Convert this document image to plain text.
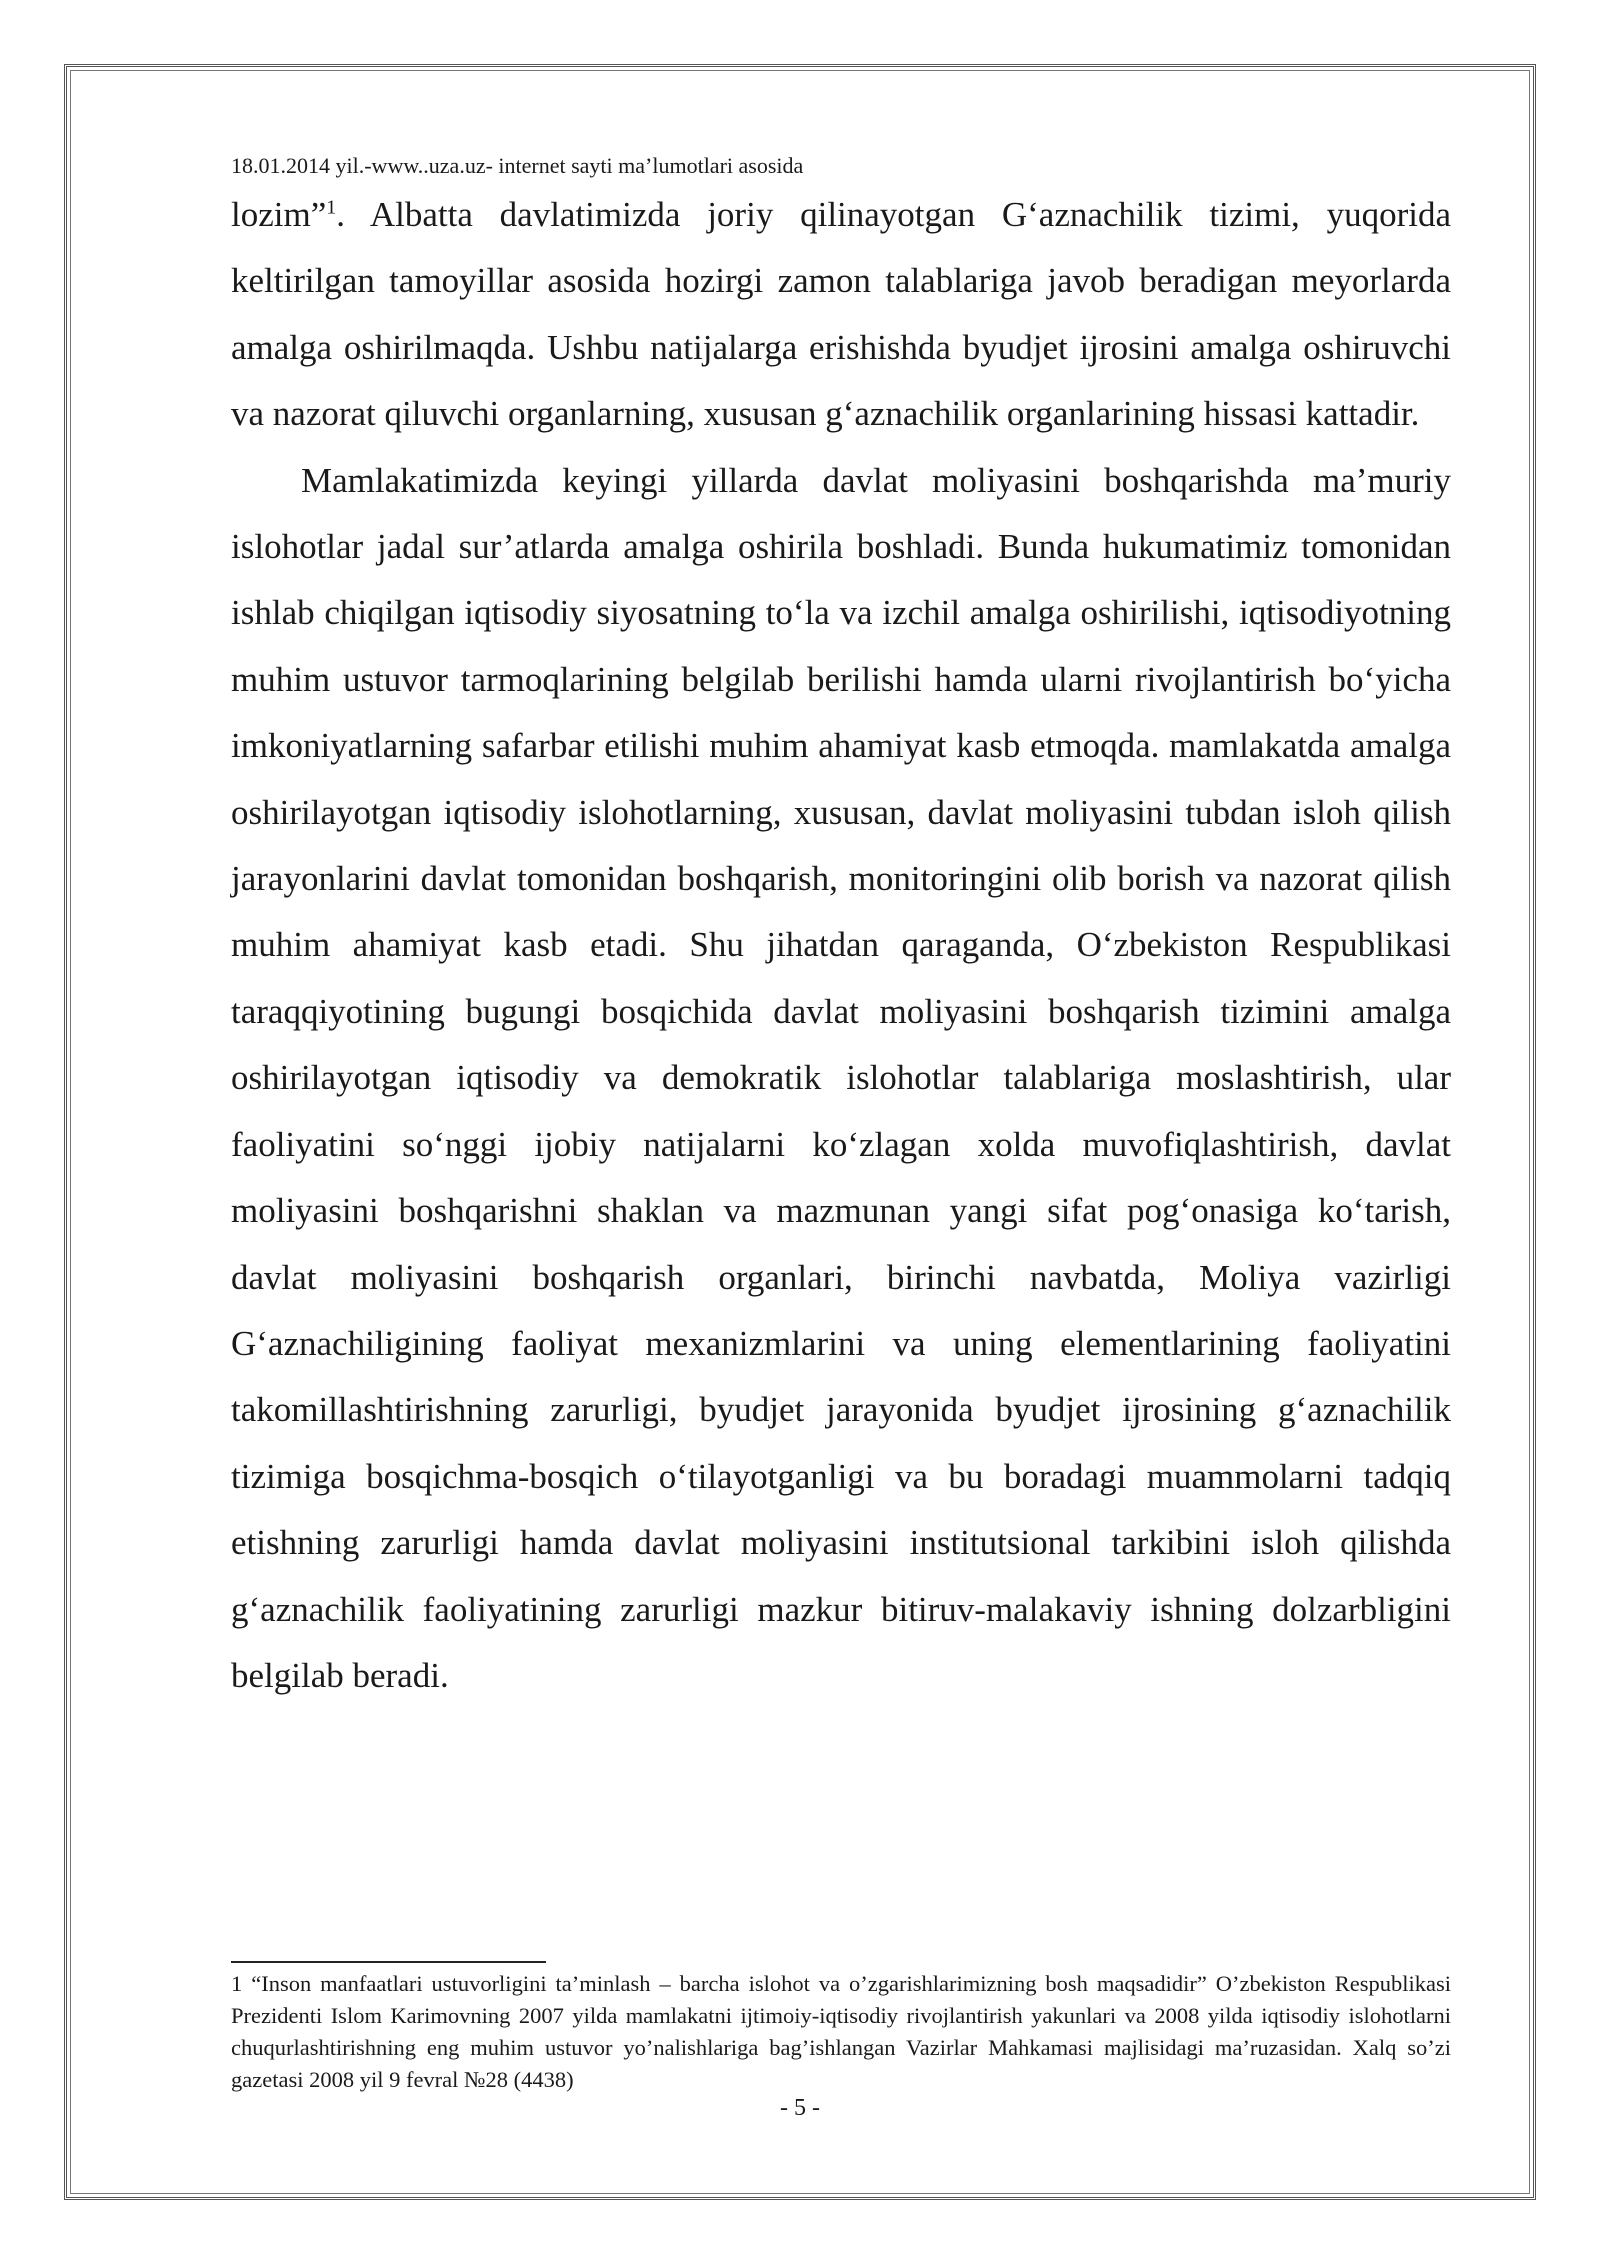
18.01.2014 yil.-www..uza.uz- internet sayti ma’lumotlari asosida

lozim”$^1$. Albatta davlatimizda joriy qilinayotgan G‘aznachilik tizimi, yuqorida keltirilgan tamoyillar asosida hozirgi zamon talablariga javob beradigan meyorlarda amalga oshirilmaqda. Ushbu natijalarga erishishda byudjet ijrosini amalga oshiruvchi va nazorat qiluvchi organlarning, xususan g‘aznachilik organlarining hissasi kattadir.

Mamlakatimizda keyingi yillarda davlat moliyasini boshqarishda ma’muriy islohotlar jadal sur’atlarda amalga oshirila boshladi. Bunda hukumatimiz tomonidan ishlab chiqilgan iqtisodiy siyosatning to‘la va izchil amalga oshirilishi, iqtisodiyotning muhim ustuvor tarmoqlarining belgilab berilishi hamda ularni rivojlantirish bo‘yicha imkoniyatlarning safarbar etilishi muhim ahamiyat kasb etmoqda. mamlakatda amalga oshirilayotgan iqtisodiy islohotlarning, xususan, davlat moliyasini tubdan isloh qilish jarayonlarini davlat tomonidan boshqarish, monitoringini olib borish va nazorat qilish muhim ahamiyat kasb etadi. Shu jihatdan qaraganda, O‘zbekiston Respublikasi taraqqiyotining bugungi bosqichida davlat moliyasini boshqarish tizimini amalga oshirilayotgan iqtisodiy va demokratik islohotlar talablariga moslashtirish, ular faoliyatini so‘nggi ijobiy natijalarni ko‘zlagan xolda muvofiqlashtirish, davlat moliyasini boshqarishni shaklan va mazmunan yangi sifat pog‘onasiga ko‘tarish, davlat moliyasini boshqarish organlari, birinchi navbatda, Moliya vazirligi G‘aznachiligining faoliyat mexanizmlarini va uning elementlarining faoliyatini takomillashtirishning zarurligi, byudjet jarayonida byudjet ijrosining g‘aznachilik tizimiga bosqichma-bosqich o‘tilayotganligi va bu boradagi muammolarni tadqiq etishning zarurligi hamda davlat moliyasini institutsional tarkibini isloh qilishda g‘aznachilik faoliyatining zarurligi mazkur bitiruv-malakaviy ishning dolzarbligini belgilab beradi.

1 “Inson manfaatlari ustuvorligini ta’minlash – barcha islohot va o’zgarishlarimizning bosh maqsadidir” O’zbekiston Respublikasi Prezidenti Islom Karimovning 2007 yilda mamlakatni ijtimoiy-iqtisodiy rivojlantirish yakunlari va 2008 yilda iqtisodiy islohotlarni chuqurlashtirishning eng muhim ustuvor yo’nalishlariga bag’ishlangan Vazirlar Mahkamasi majlisidagi ma’ruzasidan. Xalq so’zi gazetasi 2008 yil 9 fevral №28 (4438)
- 5 -
